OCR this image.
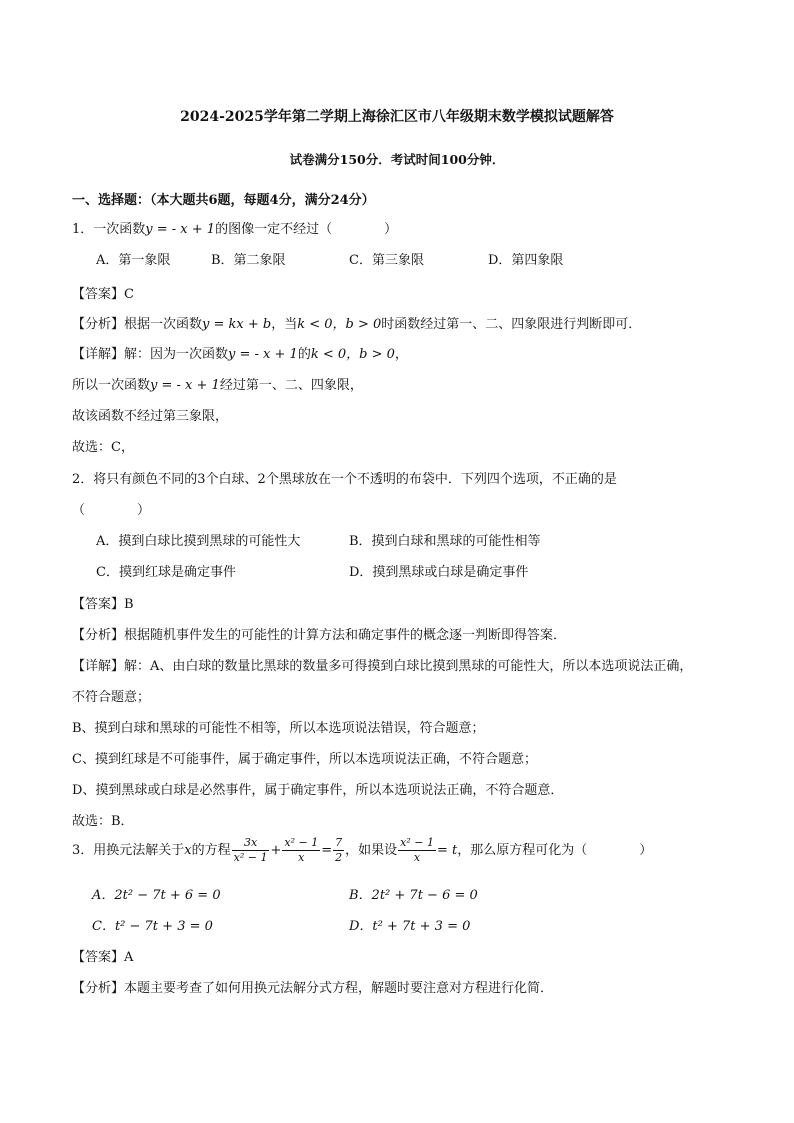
2024-2025学年第二学期上海徐汇区市八年级期末数学模拟试题解答
试卷满分150分．考试时间100分钟．
一、选择题：（本大题共6题，每题4分，满分24分）
1．一次函数y = - x + 1的图像一定不经过（　　　　）
A．第一象限	B．第二象限	C．第三象限	D．第四象限
【答案】C
【分析】根据一次函数y = kx + b，当k < 0，b > 0时函数经过第一、二、四象限进行判断即可．
【详解】解：因为一次函数y = - x + 1的k < 0，b > 0，
所以一次函数y = - x + 1经过第一、二、四象限，
故该函数不经过第三象限，
故选：C，
2．将只有颜色不同的3个白球、2个黑球放在一个不透明的布袋中．下列四个选项，不正确的是
（　　　　）
A．摸到白球比摸到黑球的可能性大	B．摸到白球和黑球的可能性相等
C．摸到红球是确定事件	D．摸到黑球或白球是确定事件
【答案】B
【分析】根据随机事件发生的可能性的计算方法和确定事件的概念逐一判断即得答案．
【详解】解：A、由白球的数量比黑球的数量多可得摸到白球比摸到黑球的可能性大，所以本选项说法正确，
不符合题意；
B、摸到白球和黑球的可能性不相等，所以本选项说法错误，符合题意；
C、摸到红球是不可能事件，属于确定事件，所以本选项说法正确，不符合题意；
D、摸到黑球或白球是必然事件，属于确定事件，所以本选项说法正确，不符合题意．
故选：B．
3．用换元法解关于x的方程 $\frac{3x}{\text{x² − 1}} + \frac{\text{x² − 1}}{x} = \frac{7}{2}$ ，如果设 $\frac{\text{x² − 1}}{x} = t$，那么原方程可化为（　　　　）
A．2t² − 7t + 6 = 0	B．2t² + 7t − 6 = 0
C．t² − 7t + 3 = 0	D．t² + 7t + 3 = 0
【答案】A
【分析】本题主要考查了如何用换元法解分式方程，解题时要注意对方程进行化简．
